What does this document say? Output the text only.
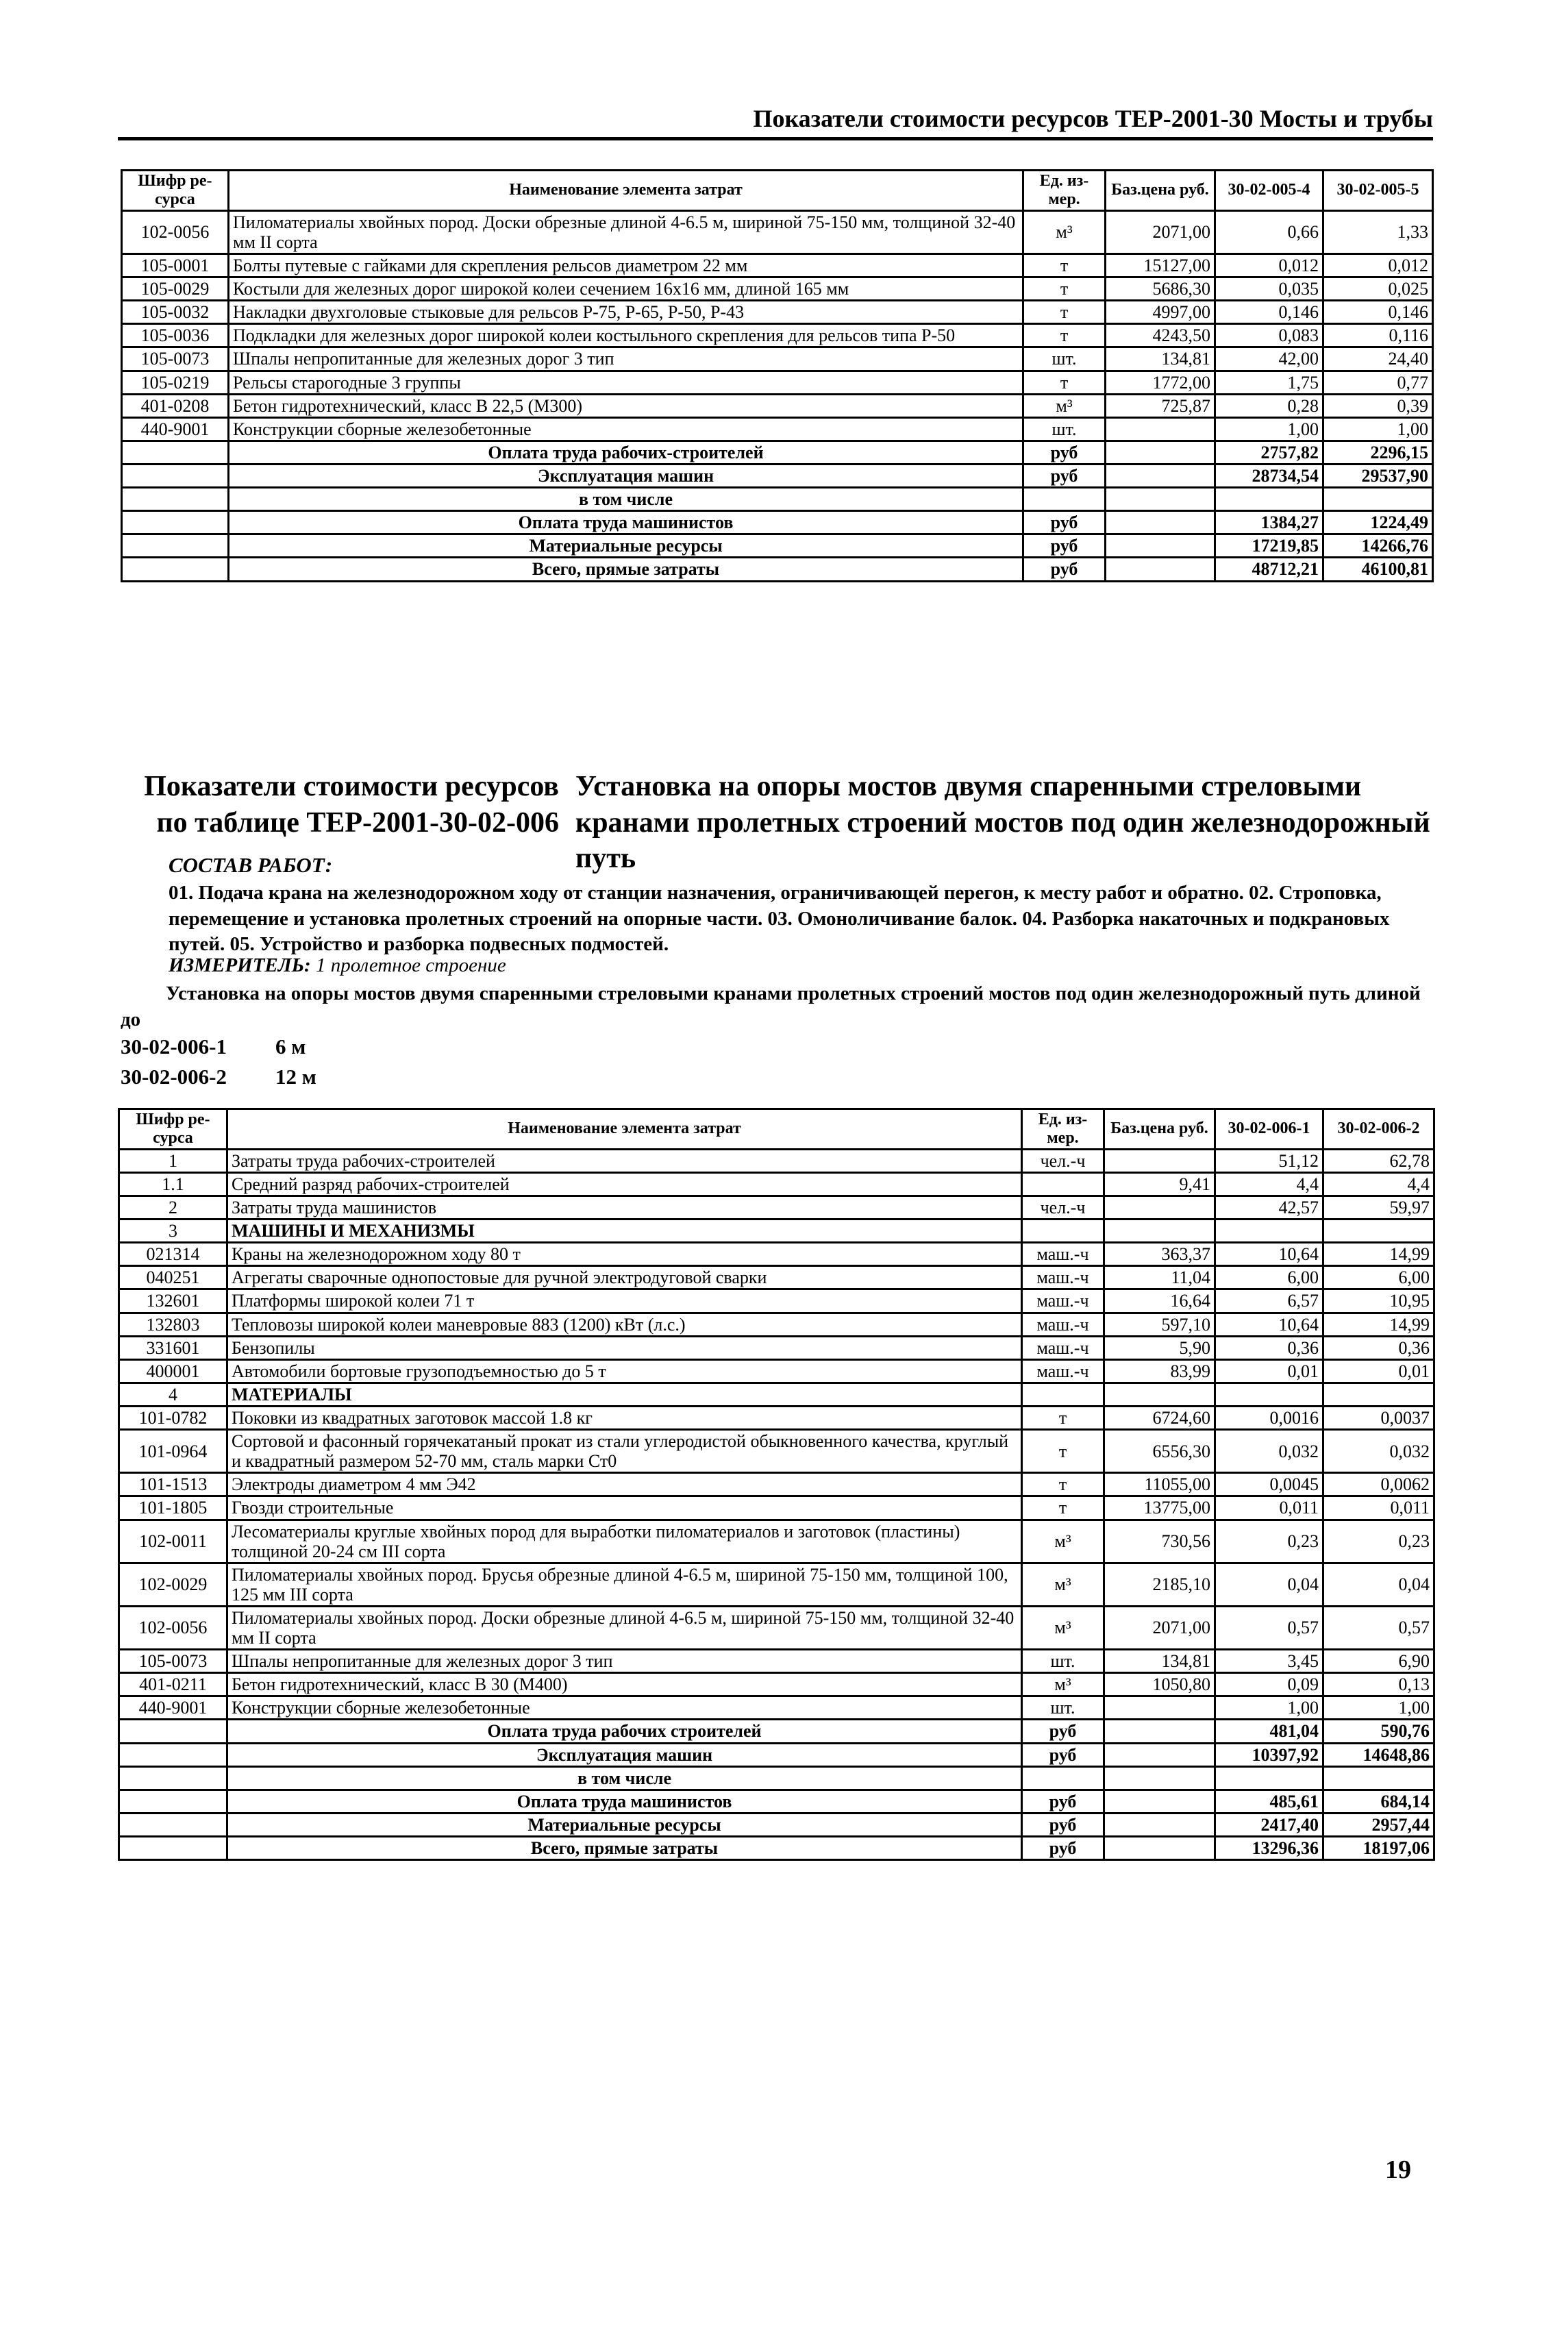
Показатели стоимости ресурсов ТЕР-2001-30 Мосты и трубы
Шифр ре-сурса	Наименование элемента затрат	Ед. из-мер.	Баз.цена руб.	30-02-005-4	30-02-005-5
102-0056	Пиломатериалы хвойных пород. Доски обрезные длиной 4-6.5 м, шириной 75-150 мм, толщиной 32-40 мм II сорта	м³	2071,00	0,66	1,33
105-0001	Болты путевые с гайками для скрепления рельсов диаметром 22 мм	т	15127,00	0,012	0,012
105-0029	Костыли для железных дорог широкой колеи сечением 16х16 мм, длиной 165 мм	т	5686,30	0,035	0,025
105-0032	Накладки двухголовые стыковые для рельсов Р-75, Р-65, Р-50, Р-43	т	4997,00	0,146	0,146
105-0036	Подкладки для железных дорог широкой колеи костыльного скрепления для рельсов типа Р-50	т	4243,50	0,083	0,116
105-0073	Шпалы непропитанные для железных дорог 3 тип	шт.	134,81	42,00	24,40
105-0219	Рельсы старогодные 3 группы	т	1772,00	1,75	0,77
401-0208	Бетон гидротехнический, класс В 22,5 (М300)	м³	725,87	0,28	0,39
440-9001	Конструкции сборные железобетонные	шт.		1,00	1,00
	Оплата труда рабочих-строителей	руб		2757,82	2296,15
	Эксплуатация машин	руб		28734,54	29537,90
	в том числе				
	Оплата труда машинистов	руб		1384,27	1224,49
	Материальные ресурсы	руб		17219,85	14266,76
	Всего, прямые затраты	руб		48712,21	46100,81
Показатели стоимости ресурсов по таблице ТЕР-2001-30-02-006
Установка на опоры мостов двумя спаренными стреловыми кранами пролетных строений мостов под один железнодорожный путь
СОСТАВ РАБОТ:
01. Подача крана на железнодорожном ходу от станции назначения, ограничивающей перегон, к месту работ и обратно. 02. Строповка, перемещение и установка пролетных строений на опорные части. 03. Омоноличивание балок. 04. Разборка накаточных и подкрановых путей. 05. Устройство и разборка подвесных подмостей.
ИЗМЕРИТЕЛЬ: 1 пролетное строение
Установка на опоры мостов двумя спаренными стреловыми кранами пролетных строений мостов под один железнодорожный путь длиной до
30-02-006-1 6 м
30-02-006-2 12 м
Шифр ре-сурса	Наименование элемента затрат	Ед. из-мер.	Баз.цена руб.	30-02-006-1	30-02-006-2
1	Затраты труда рабочих-строителей	чел.-ч		51,12	62,78
1.1	Средний разряд рабочих-строителей		9,41	4,4	4,4
2	Затраты труда машинистов	чел.-ч		42,57	59,97
3	МАШИНЫ И МЕХАНИЗМЫ				
021314	Краны на железнодорожном ходу 80 т	маш.-ч	363,37	10,64	14,99
040251	Агрегаты сварочные однопостовые для ручной электродуговой сварки	маш.-ч	11,04	6,00	6,00
132601	Платформы широкой колеи 71 т	маш.-ч	16,64	6,57	10,95
132803	Тепловозы широкой колеи маневровые 883 (1200) кВт (л.с.)	маш.-ч	597,10	10,64	14,99
331601	Бензопилы	маш.-ч	5,90	0,36	0,36
400001	Автомобили бортовые грузоподъемностью до 5 т	маш.-ч	83,99	0,01	0,01
4	МАТЕРИАЛЫ				
101-0782	Поковки из квадратных заготовок массой 1.8 кг	т	6724,60	0,0016	0,0037
101-0964	Сортовой и фасонный горячекатаный прокат из стали углеродистой обыкновенного качества, круглый и квадратный размером 52-70 мм, сталь марки Ст0	т	6556,30	0,032	0,032
101-1513	Электроды диаметром 4 мм Э42	т	11055,00	0,0045	0,0062
101-1805	Гвозди строительные	т	13775,00	0,011	0,011
102-0011	Лесоматериалы круглые хвойных пород для выработки пиломатериалов и заготовок (пластины) толщиной 20-24 см III сорта	м³	730,56	0,23	0,23
102-0029	Пиломатериалы хвойных пород. Брусья обрезные длиной 4-6.5 м, шириной 75-150 мм, толщиной 100, 125 мм III сорта	м³	2185,10	0,04	0,04
102-0056	Пиломатериалы хвойных пород. Доски обрезные длиной 4-6.5 м, шириной 75-150 мм, толщиной 32-40 мм II сорта	м³	2071,00	0,57	0,57
105-0073	Шпалы непропитанные для железных дорог 3 тип	шт.	134,81	3,45	6,90
401-0211	Бетон гидротехнический, класс В 30 (М400)	м³	1050,80	0,09	0,13
440-9001	Конструкции сборные железобетонные	шт.		1,00	1,00
	Оплата труда рабочих строителей	руб		481,04	590,76
	Эксплуатация машин	руб		10397,92	14648,86
	в том числе				
	Оплата труда машинистов	руб		485,61	684,14
	Материальные ресурсы	руб		2417,40	2957,44
	Всего, прямые затраты	руб		13296,36	18197,06
19
